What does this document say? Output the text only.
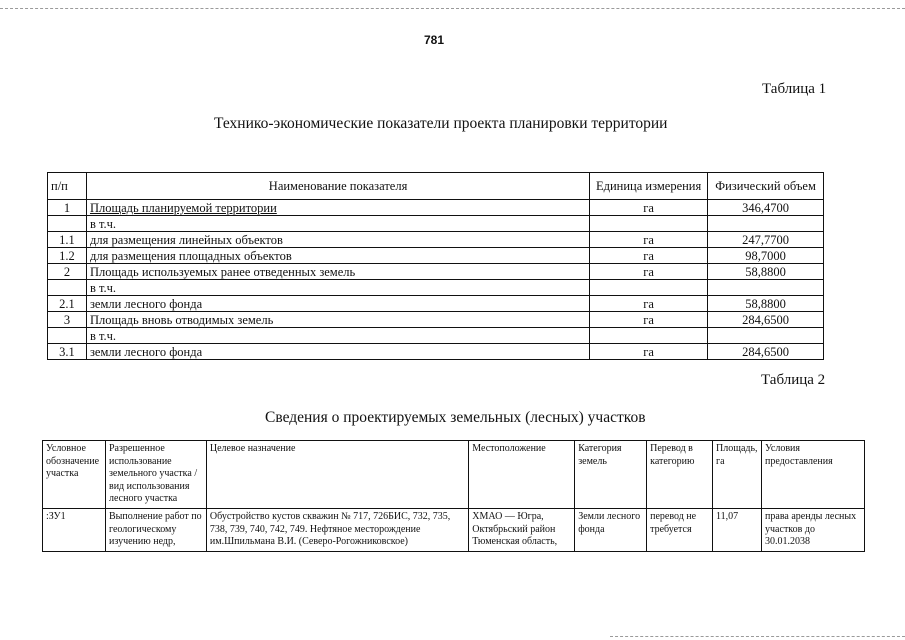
781
Таблица 1
Технико-экономические показатели проекта планировки территории
п/п	Наименование показателя	Единица измерения	Физический объем
1	Площадь планируемой территории	га	346,4700
	в т.ч.		
1.1	для размещения линейных объектов	га	247,7700
1.2	для размещения площадных объектов	га	98,7000
2	Площадь используемых ранее отведенных земель	га	58,8800
	в т.ч.		
2.1	земли лесного фонда	га	58,8800
3	Площадь вновь отводимых земель	га	284,6500
	в т.ч.		
3.1	земли лесного фонда	га	284,6500
Таблица 2
Сведения о проектируемых земельных (лесных) участков
Условное обозначение участка	Разрешенное использование земельного участка / вид использования лесного участка	Целевое назначение	Местоположение	Категория земель	Перевод в категорию	Площадь, га	Условия предоставления
:ЗУ1	Выполнение работ по геологическому изучению недр,	Обустройство кустов скважин № 717, 726БИС, 732, 735, 738, 739, 740, 742, 749. Нефтяное месторождение им.Шпильмана В.И. (Северо-Рогожниковское)	ХМАО — Югра, Октябрьский район Тюменская область,	Земли лесного фонда	перевод не требуется	11,07	права аренды лесных участков до 30.01.2038
